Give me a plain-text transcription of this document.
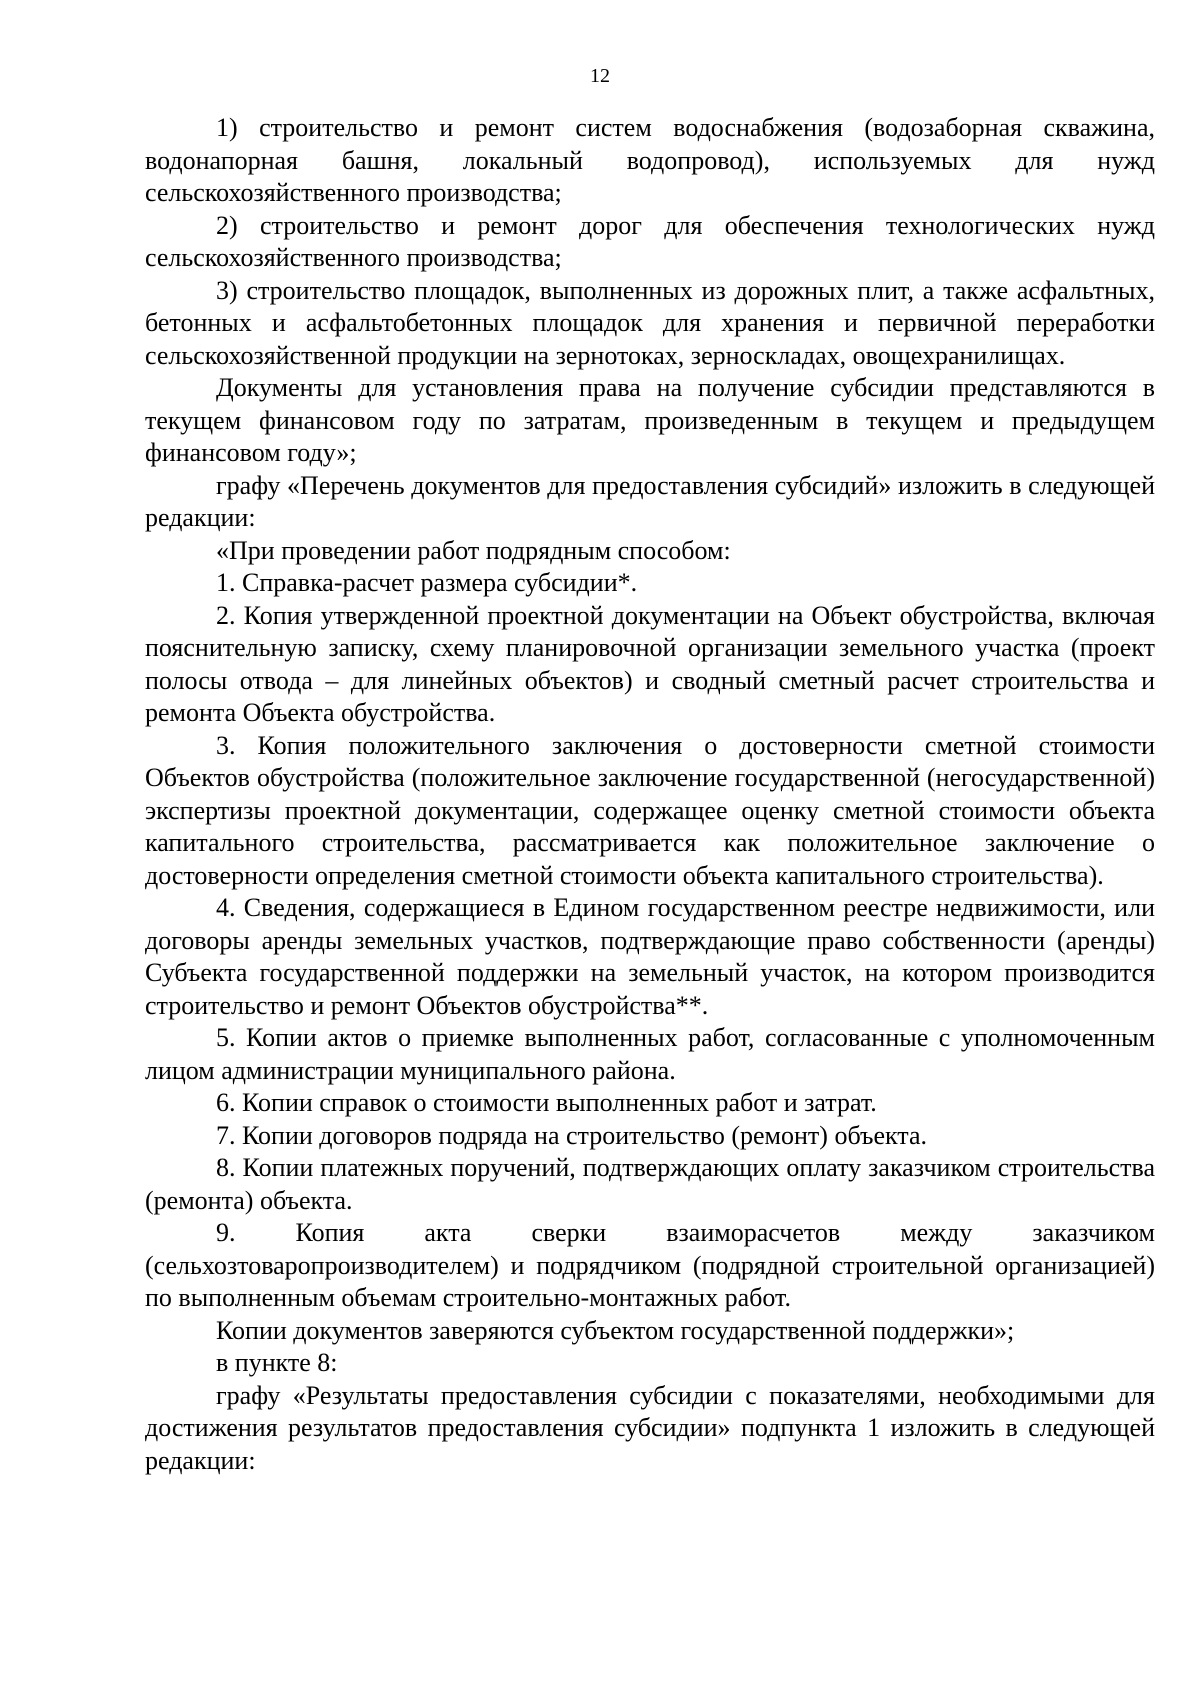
12

1) строительство и ремонт систем водоснабжения (водозаборная скважина, водонапорная башня, локальный водопровод), используемых для нужд сельскохозяйственного производства;

2) строительство и ремонт дорог для обеспечения технологических нужд сельскохозяйственного производства;

3) строительство площадок, выполненных из дорожных плит, а также асфальтных, бетонных и асфальтобетонных площадок для хранения и первичной переработки сельскохозяйственной продукции на зернотоках, зерноскладах, овощехранилищах.

Документы для установления права на получение субсидии представляются в текущем финансовом году по затратам, произведенным в текущем и предыдущем финансовом году»;

графу «Перечень документов для предоставления субсидий» изложить в следующей редакции:

«При проведении работ подрядным способом:

1. Справка-расчет размера субсидии*.

2. Копия утвержденной проектной документации на Объект обустройства, включая пояснительную записку, схему планировочной организации земельного участка (проект полосы отвода – для линейных объектов) и сводный сметный расчет строительства и ремонта Объекта обустройства.

3. Копия положительного заключения о достоверности сметной стоимости Объектов обустройства (положительное заключение государственной (негосударственной) экспертизы проектной документации, содержащее оценку сметной стоимости объекта капитального строительства, рассматривается как положительное заключение о достоверности определения сметной стоимости объекта капитального строительства).

4. Сведения, содержащиеся в Едином государственном реестре недвижимости, или договоры аренды земельных участков, подтверждающие право собственности (аренды) Субъекта государственной поддержки на земельный участок, на котором производится строительство и ремонт Объектов обустройства**.

5. Копии актов о приемке выполненных работ, согласованные с уполномоченным лицом администрации муниципального района.

6. Копии справок о стоимости выполненных работ и затрат.

7. Копии договоров подряда на строительство (ремонт) объекта.

8. Копии платежных поручений, подтверждающих оплату заказчиком строительства (ремонта) объекта.

9. Копия акта сверки взаиморасчетов между заказчиком (сельхозтоваропроизводителем) и подрядчиком (подрядной строительной организацией) по выполненным объемам строительно-монтажных работ.

Копии документов заверяются субъектом государственной поддержки»;

в пункте 8:

графу «Результаты предоставления субсидии с показателями, необходимыми для достижения результатов предоставления субсидии» подпункта 1 изложить в следующей редакции:
